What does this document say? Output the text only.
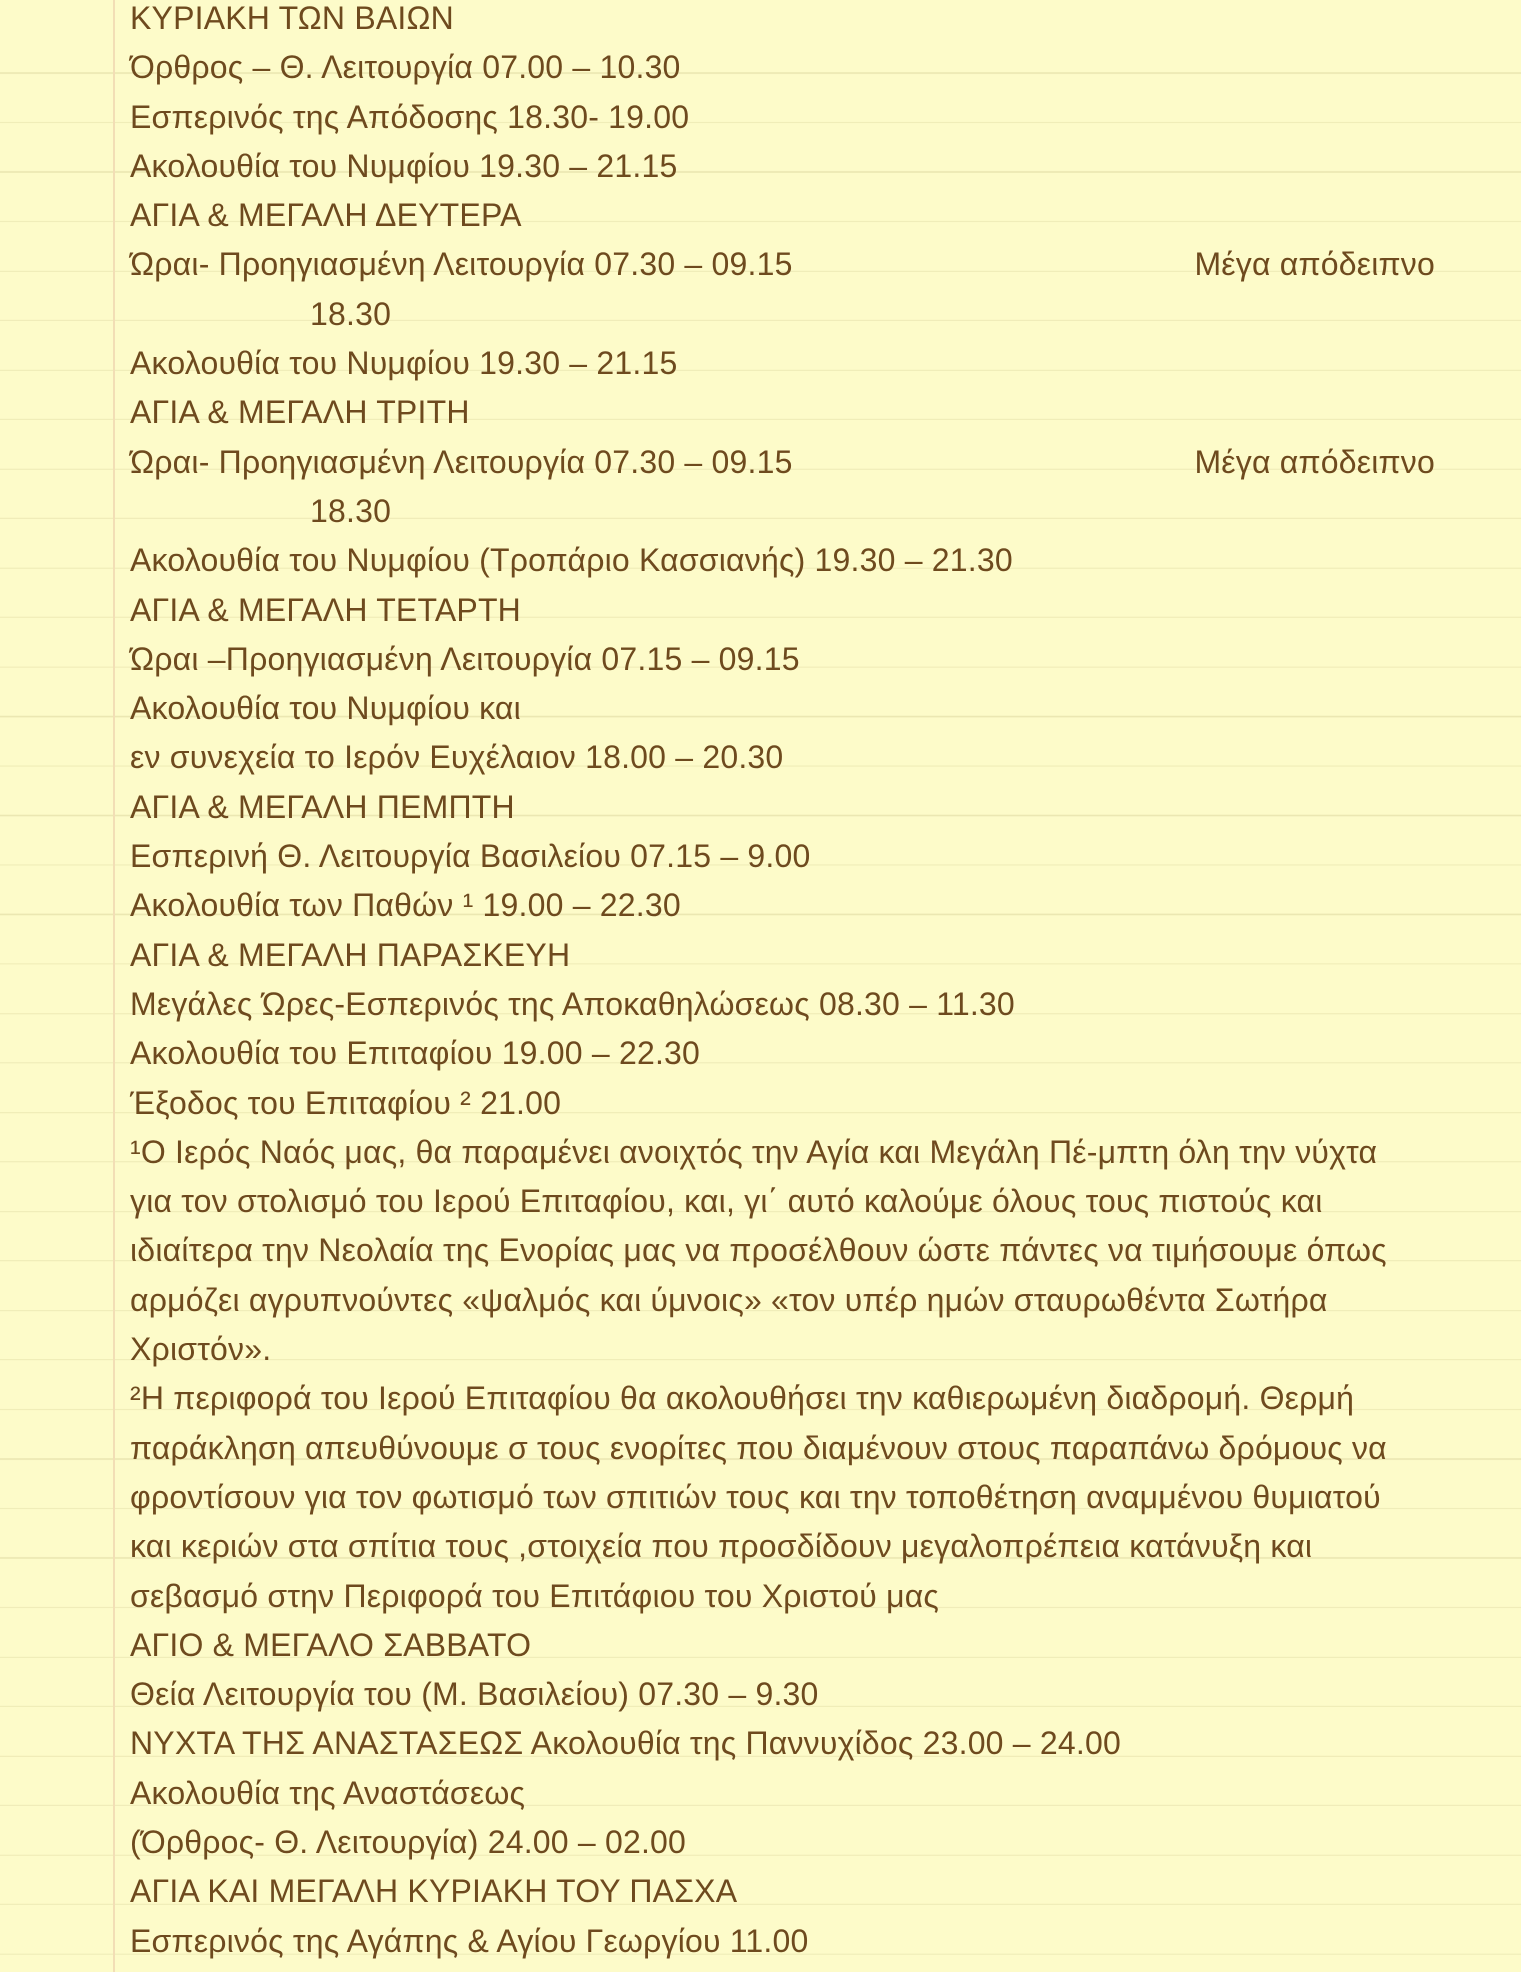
ΚΥΡΙΑΚΗ ΤΩΝ ΒΑΙΩΝ
Όρθρος – Θ. Λειτουργία 07.00 – 10.30
Εσπερινός της Απόδοσης 18.30- 19.00
Ακολουθία του Νυμφίου 19.30 – 21.15
ΑΓΙΑ & ΜΕΓΑΛΗ ΔΕΥΤΕΡΑ
Ώραι- Προηγιασμένη Λειτουργία 07.30 – 09.15	Μέγα απόδειπνο
18.30
Ακολουθία του Νυμφίου 19.30 – 21.15
ΑΓΙΑ & ΜΕΓΑΛΗ ΤΡΙΤΗ
Ώραι- Προηγιασμένη Λειτουργία 07.30 – 09.15	Μέγα απόδειπνο
18.30
Ακολουθία του Νυμφίου (Τροπάριο Κασσιανής) 19.30 – 21.30
ΑΓΙΑ & ΜΕΓΑΛΗ ΤΕΤΑΡΤΗ
Ώραι –Προηγιασμένη Λειτουργία 07.15 – 09.15
Ακολουθία του Νυμφίου και
εν συνεχεία το Ιερόν Ευχέλαιον 18.00 – 20.30
ΑΓΙΑ & ΜΕΓΑΛΗ ΠΕΜΠΤΗ
Εσπερινή Θ. Λειτουργία Βασιλείου 07.15 – 9.00
Ακολουθία των Παθών ¹ 19.00 – 22.30
ΑΓΙΑ & ΜΕΓΑΛΗ ΠΑΡΑΣΚΕΥΗ
Μεγάλες Ώρες-Εσπερινός της Αποκαθηλώσεως 08.30 – 11.30
Ακολουθία του Επιταφίου 19.00 – 22.30
Έξοδος του Επιταφίου ² 21.00
¹Ο Ιερός Ναός μας, θα παραμένει ανοιχτός την Αγία και Μεγάλη Πέ-μπτη όλη την νύχτα
για τον στολισμό του Ιερού Επιταφίου, και, γι΄ αυτό καλούμε όλους τους πιστούς και
ιδιαίτερα την Νεολαία της Ενορίας μας να προσέλθουν ώστε πάντες να τιμήσουμε όπως
αρμόζει αγρυπνούντες «ψαλμός και ύμνοις» «τον υπέρ ημών σταυρωθέντα Σωτήρα
Χριστόν».
²Η περιφορά του Ιερού Επιταφίου θα ακολουθήσει την καθιερωμένη διαδρομή. Θερμή
παράκληση απευθύνουμε σ τους ενορίτες που διαμένουν στους παραπάνω δρόμους να
φροντίσουν για τον φωτισμό των σπιτιών τους και την τοποθέτηση αναμμένου θυμιατού
και κεριών στα σπίτια τους ,στοιχεία που προσδίδουν μεγαλοπρέπεια κατάνυξη και
σεβασμό στην Περιφορά του Επιτάφιου του Χριστού μας
ΑΓΙΟ & ΜΕΓΑΛΟ ΣΑΒΒΑΤΟ
Θεία Λειτουργία του (Μ. Βασιλείου) 07.30 – 9.30
ΝΥΧΤΑ ΤΗΣ ΑΝΑΣΤΑΣΕΩΣ Ακολουθία της Παννυχίδος 23.00 – 24.00
Ακολουθία της Αναστάσεως
(Όρθρος- Θ. Λειτουργία) 24.00 – 02.00
ΑΓΙΑ ΚΑΙ ΜΕΓΑΛΗ ΚΥΡΙΑΚΗ ΤΟΥ ΠΑΣΧΑ
Εσπερινός της Αγάπης & Αγίου Γεωργίου 11.00
